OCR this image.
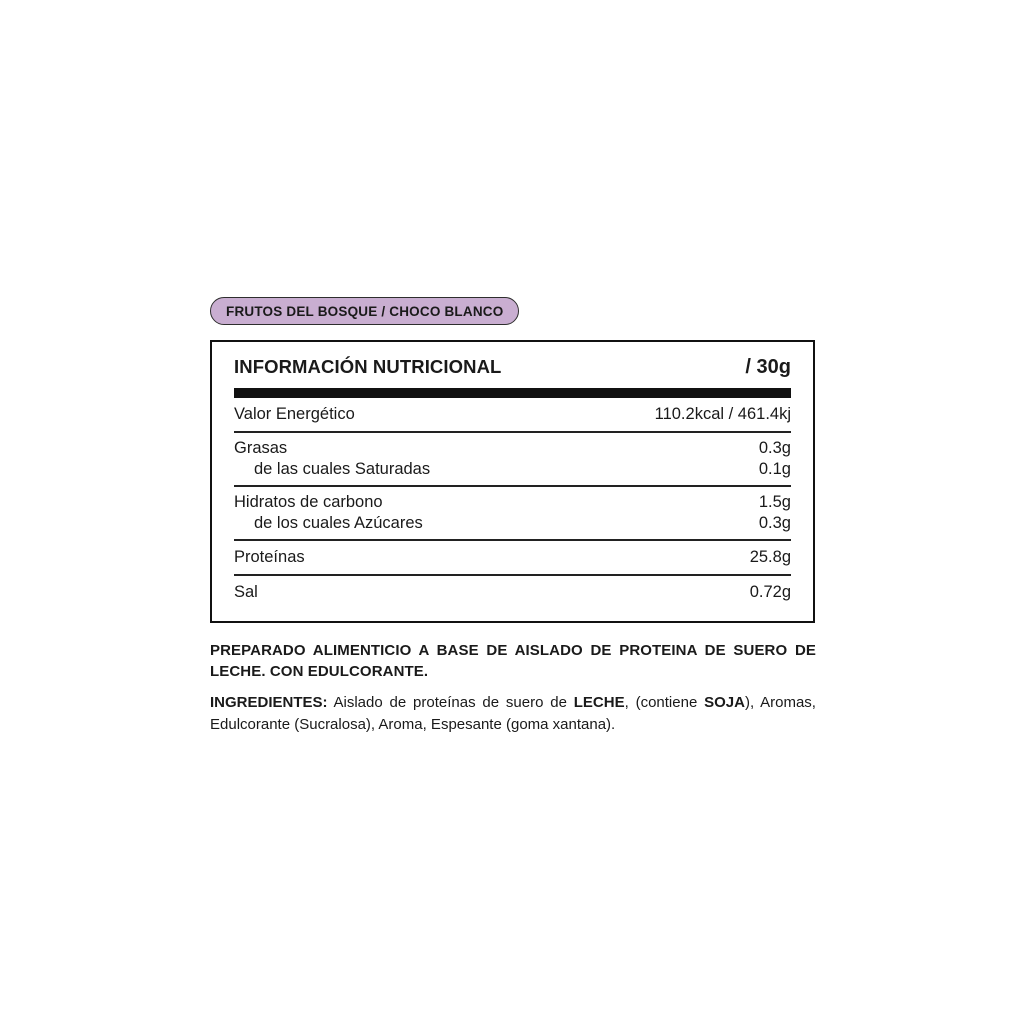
FRUTOS DEL BOSQUE / CHOCO BLANCO
INFORMACIÓN NUTRICIONAL	/ 30g
Valor Energético	110.2kcal / 461.4kj
Grasas	0.3g
de las cuales Saturadas	0.1g
Hidratos de carbono	1.5g
de los cuales Azúcares	0.3g
Proteínas	25.8g
Sal	0.72g

PREPARADO ALIMENTICIO A BASE DE AISLADO DE PROTEINA DE SUERO DE LECHE. CON EDULCORANTE.

INGREDIENTES: Aislado de proteínas de suero de LECHE, (contiene SOJA), Aromas, Edulcorante (Sucralosa), Aroma, Espesante (goma xantana).
